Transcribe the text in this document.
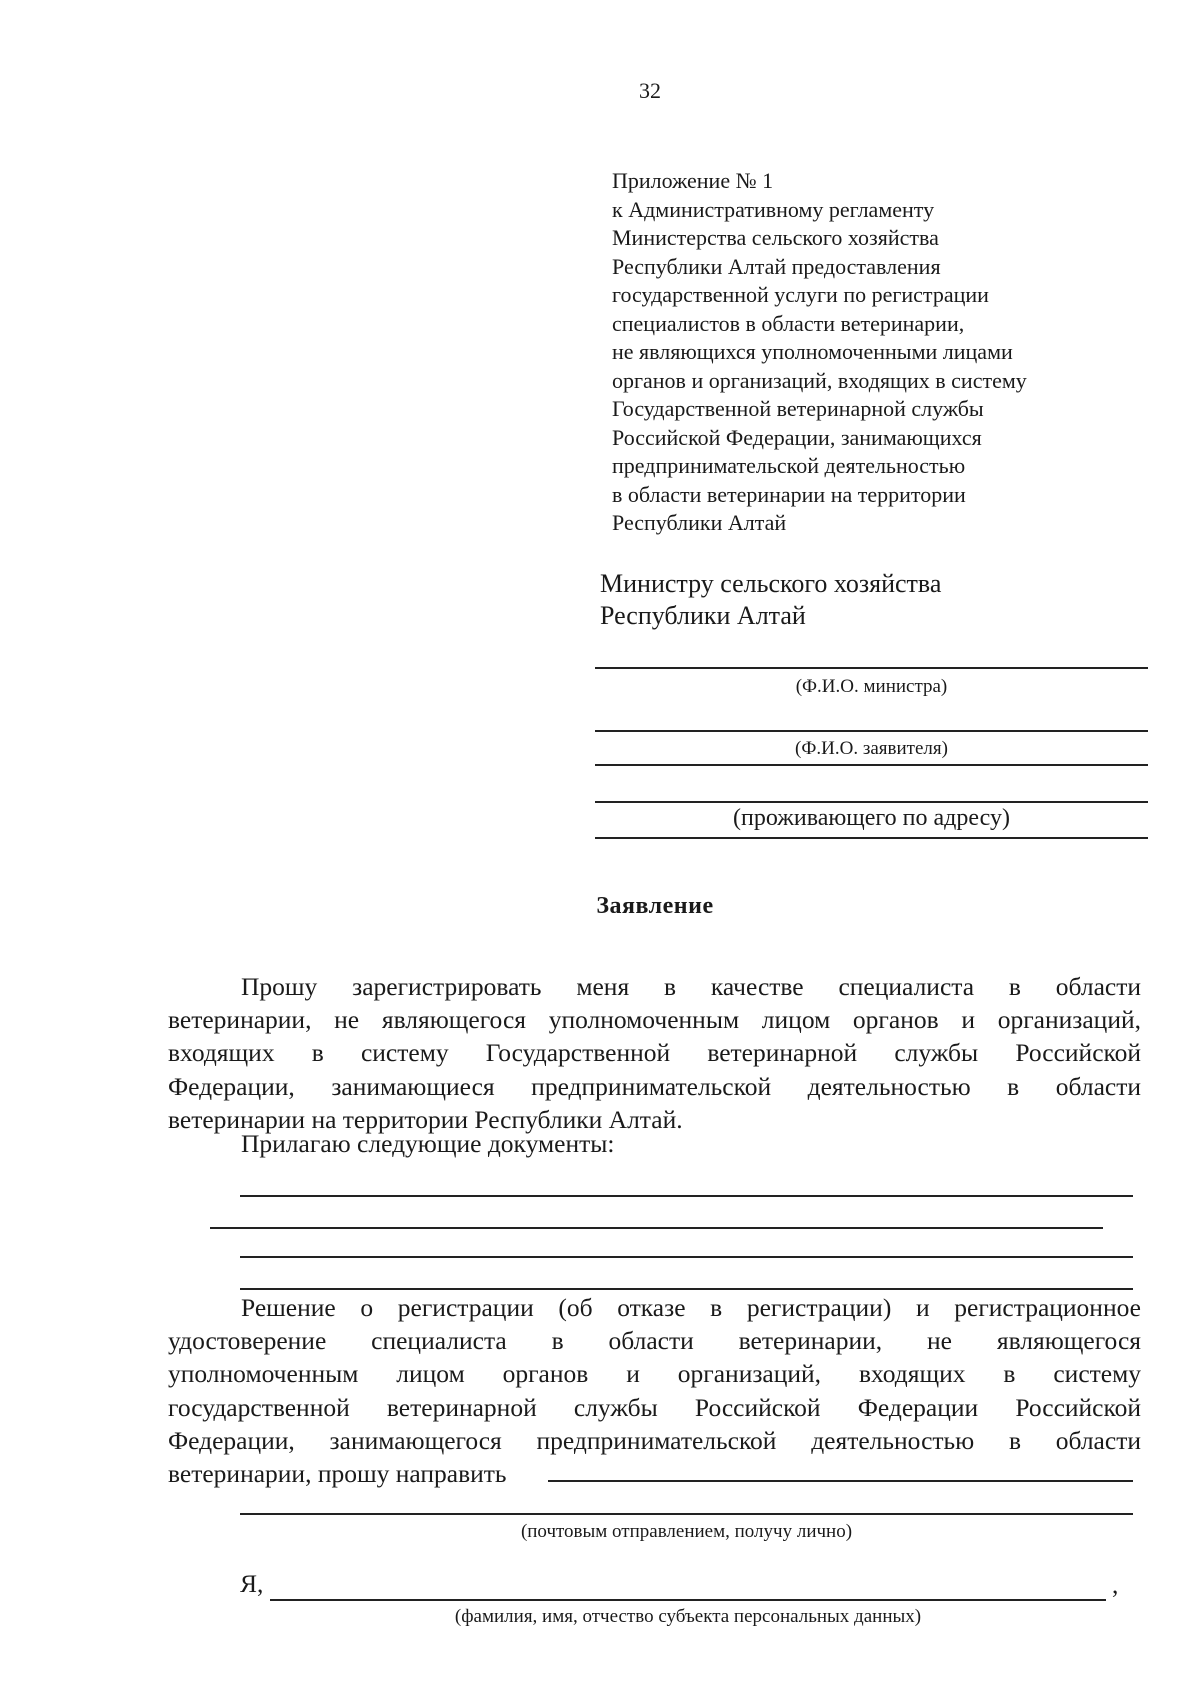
32
Приложение № 1
к Административному регламенту
Министерства сельского хозяйства
Республики Алтай предоставления
государственной услуги по регистрации
специалистов в области ветеринарии,
не являющихся уполномоченными лицами
органов и организаций, входящих в систему
Государственной ветеринарной службы
Российской Федерации, занимающихся
предпринимательской деятельностью
в области ветеринарии на территории
Республики Алтай
Министру сельского хозяйства
Республики Алтай
(Ф.И.О. министра)
(Ф.И.О. заявителя)
(проживающего по адресу)
Заявление
Прошу зарегистрировать меня в качестве специалиста в области
ветеринарии, не являющегося уполномоченным лицом органов и организаций,
входящих в систему Государственной ветеринарной службы Российской
Федерации, занимающиеся предпринимательской деятельностью в области
ветеринарии на территории Республики Алтай.
Прилагаю следующие документы:
Решение о регистрации (об отказе в регистрации) и регистрационное
удостоверение специалиста в области ветеринарии, не являющегося
уполномоченным лицом органов и организаций, входящих в систему
государственной ветеринарной службы Российской Федерации Российской
Федерации, занимающегося предпринимательской деятельностью в области
ветеринарии, прошу направить
(почтовым отправлением, получу лично)
Я,	,
(фамилия, имя, отчество субъекта персональных данных)
